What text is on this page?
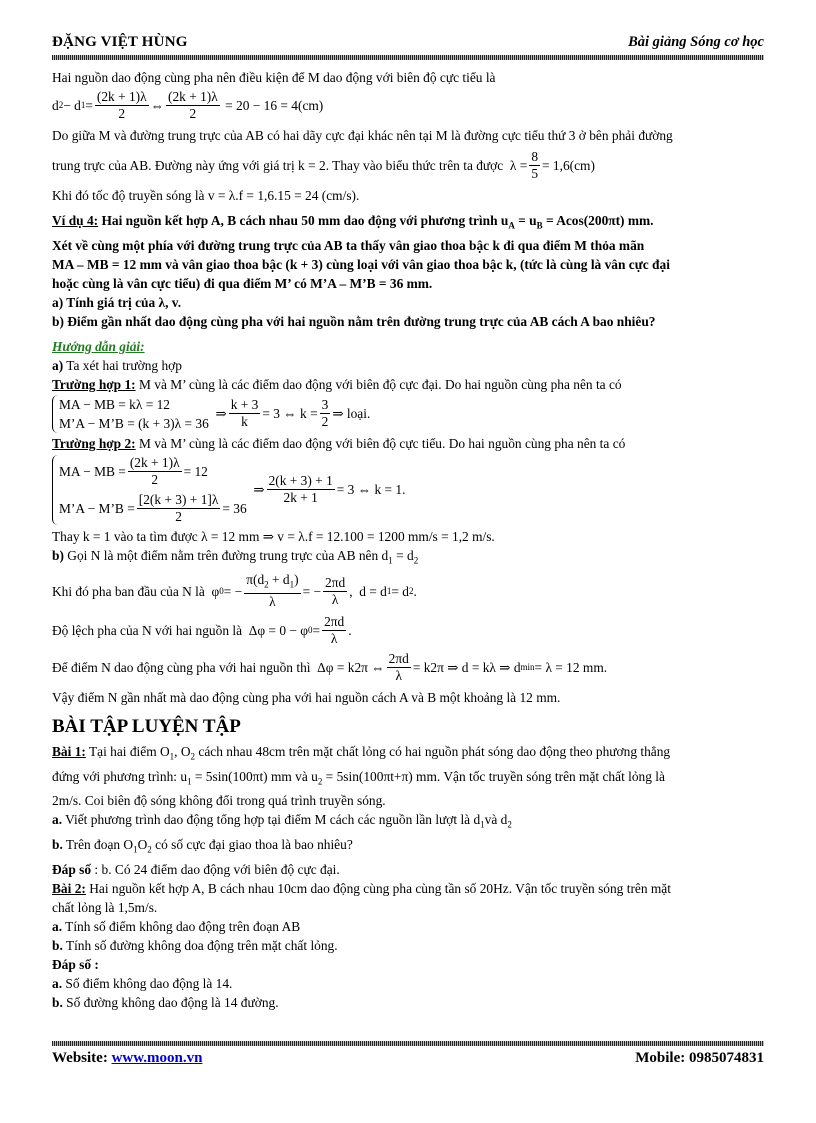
ĐẶNG VIỆT HÙNG	Bài giảng Sóng cơ học

Hai nguồn dao động cùng pha nên điều kiện để M dao động với biên độ cực tiểu là

d 2 − d $1 = \frac{(2k + 1)\lambda}{2}$ ⇔ $\frac{(2k + 1)\lambda}{2} = 20 - 16 = 4(cm)$

Do giữa M và đường trung trực của AB có hai dãy cực đại khác nên tại M là đường cực tiểu thứ 3 ở bên phải đường

trung trực của AB. Đường này ứng với giá trị k = 2. Thay vào biểu thức trên ta được $\lambda = \frac{8}{5} = 1,6(cm)$

Khi đó tốc độ truyền sóng là v = λ.f = 1,6.15 = 24 (cm/s).

Ví dụ 4: Hai nguồn kết hợp A, B cách nhau 50 mm dao động với phương trình $u_A = u_B = Acos(200\pi t)$ mm.

Xét về cùng một phía với đường trung trực của AB ta thấy vân giao thoa bậc k đi qua điểm M thỏa mãn

MA – MB = 12 mm và vân giao thoa bậc (k + 3) cùng loại với vân giao thoa bậc k, (tức là cùng là vân cực đại

hoặc cùng là vân cực tiểu) đi qua điểm M’ có M’A – M’B = 36 mm.

a) Tính giá trị của λ, v.

b) Điểm gần nhất dao động cùng pha với hai nguồn nằm trên đường trung trực của AB cách A bao nhiêu?

Hướng dẫn giải:

a) Ta xét hai trường hợp

Trường hợp 1: M và M’ cùng là các điểm dao động với biên độ cực đại. Do hai nguồn cùng pha nên ta có

MA − MB = kλ = 12
M’A − M’B = (k + 3)λ = 36
⇒ $\frac{k + 3}{k} = 3$ ⇔ $k = \frac{3}{2}$ ⇒ loại.

Trường hợp 2: M và M’ cùng là các điểm dao động với biên độ cực tiểu. Do hai nguồn cùng pha nên ta có

MA − MB = $\frac{(2k + 1)\lambda}{2} = 12$
M’A − M’B = $\frac{[2(k + 3) + 1]\lambda}{2} = 36$
⇒ $\frac{2(k + 3) + 1}{2k + 1} = 3$ ⇔ k = 1.

Thay k = 1 vào ta tìm được λ = 12 mm ⇒ v = λ.f = 12.100 = 1200 mm/s = 1,2 m/s.

b) Gọi N là một điểm nằm trên đường trung trực của AB nên $d_1 = d_2$

Khi đó pha ban đầu của N là φ 0 = − $\frac{\pi(d_2 + d_1)}{\lambda}$ = − $\frac{2\pi d}{\lambda}$ ,  d = d 1 = d 2 .

Độ lệch pha của N với hai nguồn là Δφ = 0 − φ $0 = \frac{2\pi d}{\lambda}$ .

Để điểm N dao động cùng pha với hai nguồn thì Δφ = k2π ⇔ $\frac{2\pi d}{\lambda} = k2\pi$ ⇒ d = kλ ⇒ d min = λ = 12 mm.

Vậy điểm N gần nhất mà dao động cùng pha với hai nguồn cách A và B một khoảng là 12 mm.

BÀI TẬP LUYỆN TẬP

Bài 1: Tại hai điểm $O_1$, $O_2$ cách nhau 48cm trên mặt chất lỏng có hai nguồn phát sóng dao động theo phương thẳng

đứng với phương trình: $u_1 = 5\sin(100\pi t)$ mm và $u_2 = 5\sin(100\pi t+\pi)$ mm. Vận tốc truyền sóng trên mặt chất lỏng là

2m/s. Coi biên độ sóng không đổi trong quá trình truyền sóng.

a. Viết phương trình dao động tổng hợp tại điểm M cách các nguồn lần lượt là $d_1và$ $d_2$

b. Trên đoạn $O_1O_2$ có số cực đại giao thoa là bao nhiêu?

Đáp số : b. Có 24 điểm dao động với biên độ cực đại.

Bài 2: Hai nguồn kết hợp A, B cách nhau 10cm dao động cùng pha cùng tần số 20Hz. Vận tốc truyền sóng trên mặt

chất lỏng là 1,5m/s.

a. Tính số điểm không dao động trên đoạn AB

b. Tính số đường không doa động trên mặt chất lỏng.

Đáp số :

a. Số điểm không dao động là 14.

b. Số đường không dao động là 14 đường.

Website: www.moon.vn	Mobile: 0985074831
